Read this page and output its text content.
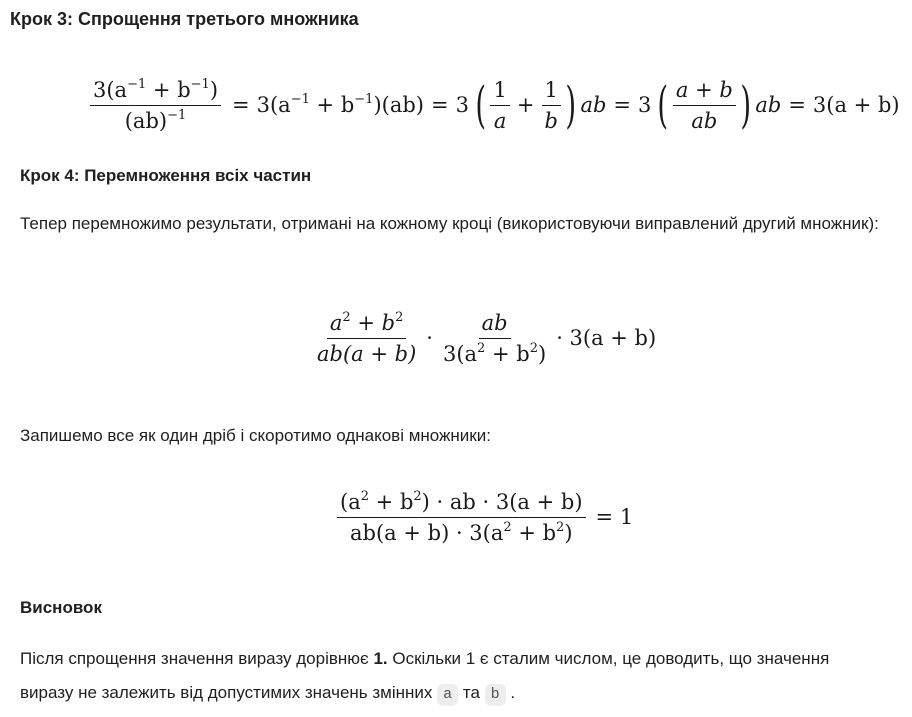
Крок 3: Спрощення третього множника
$\frac{3(a^{-1} + b^{-1})}{(ab)^{-1}} = 3(a^{-1} + b^{-1})(ab) = 3$ ( $\frac{1}{a} + \frac{1}{b}$ ) ab = 3 ( $\frac{a + b}{ab}$ ) ab = 3(a + b)
Крок 4: Перемноження всіх частин
Тепер перемножимо результати, отримані на кожному кроці (використовуючи виправлений другий множник):
$\frac{a^2 + b^2}{ab(a + b)} \cdot \frac{ab}{3(a^2 + b^2)} \cdot 3(a + b)$
Запишемо все як один дріб і скоротимо однакові множники:
$\frac{(a^2 + b^2) \cdot ab \cdot 3(a + b)}{ab(a + b) \cdot 3(a^2 + b^2)} = 1$
Висновок
Після спрощення значення виразу дорівнює 1. Оскільки 1 є сталим числом, це доводить, що значення виразу не залежить від допустимих значень змінних a та b .
